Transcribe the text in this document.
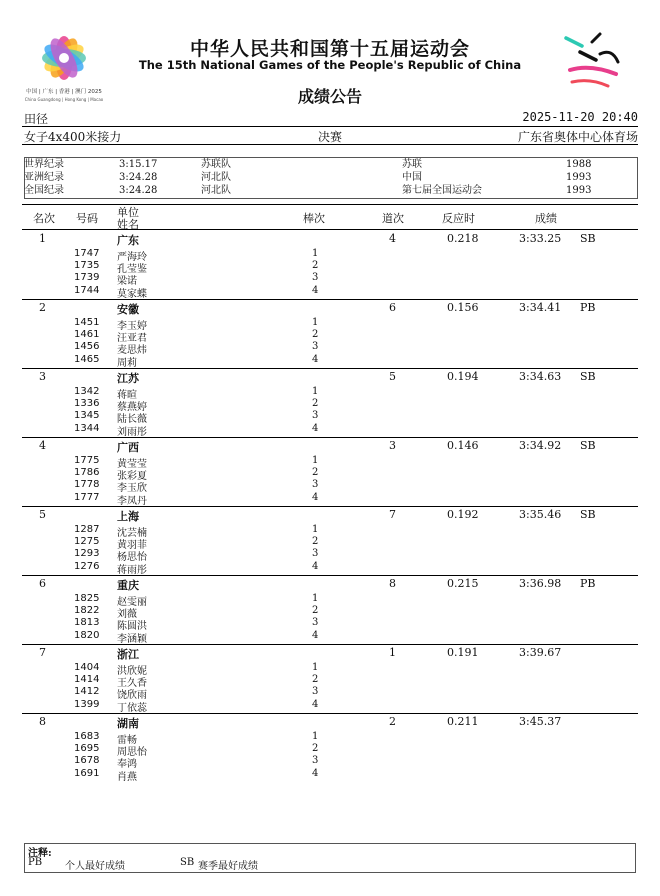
中国 | 广东 | 香港 | 澳门 2025
China Guangdong | Hong Kong | Macao
中华人民共和国第十五届运动会
The 15th National Games of the People's Republic of China
成绩公告
田径	2025-11-20 20:40
女子4x400米接力	决赛	广东省奥体中心体育场
世界纪录	3:15.17	苏联队	苏联	1988
亚洲纪录	3:24.28	河北队	中国	1993
全国纪录	3:24.28	河北队	第七届全国运动会	1993
名次 号码 单位
姓名	棒次	道次	反应时	成绩
1	广东	4	0.218	3:33.25 SB
1747 严海玲	1
1735 孔莹鉴	2
1739 梁诺	3
1744 莫家蝶	4
2	安徽	6	0.156	3:34.41 PB
1451 李玉婷	1
1461 汪亚君	2
1456 麦思炜	3
1465 周莉	4
3	江苏	5	0.194	3:34.63 SB
1342 蒋暄	1
1336 蔡燕婷	2
1345 陆长薇	3
1344 刘雨彤	4
4	广西	3	0.146	3:34.92 SB
1775 黄莹莹	1
1786 张彩夏	2
1778 李玉欣	3
1777 李凤丹	4
5	上海	7	0.192	3:35.46 SB
1287 沈芸楠	1
1275 黄羽菲	2
1293 杨思怡	3
1276 蒋雨彤	4
6	重庆	8	0.215	3:36.98 PB
1825 赵雯丽	1
1822 刘薇	2
1813 陈圆洪	3
1820 李涵颖	4
7	浙江	1	0.191	3:39.67
1404 洪欣妮	1
1414 王久香	2
1412 饶欣雨	3
1399 丁依蕊	4
8	湖南	2	0.211	3:45.37
1683 雷畅	1
1695 周思怡	2
1678 奉鸿	3
1691 肖燕	4
注释:
PB 个人最好成绩	SB 赛季最好成绩
